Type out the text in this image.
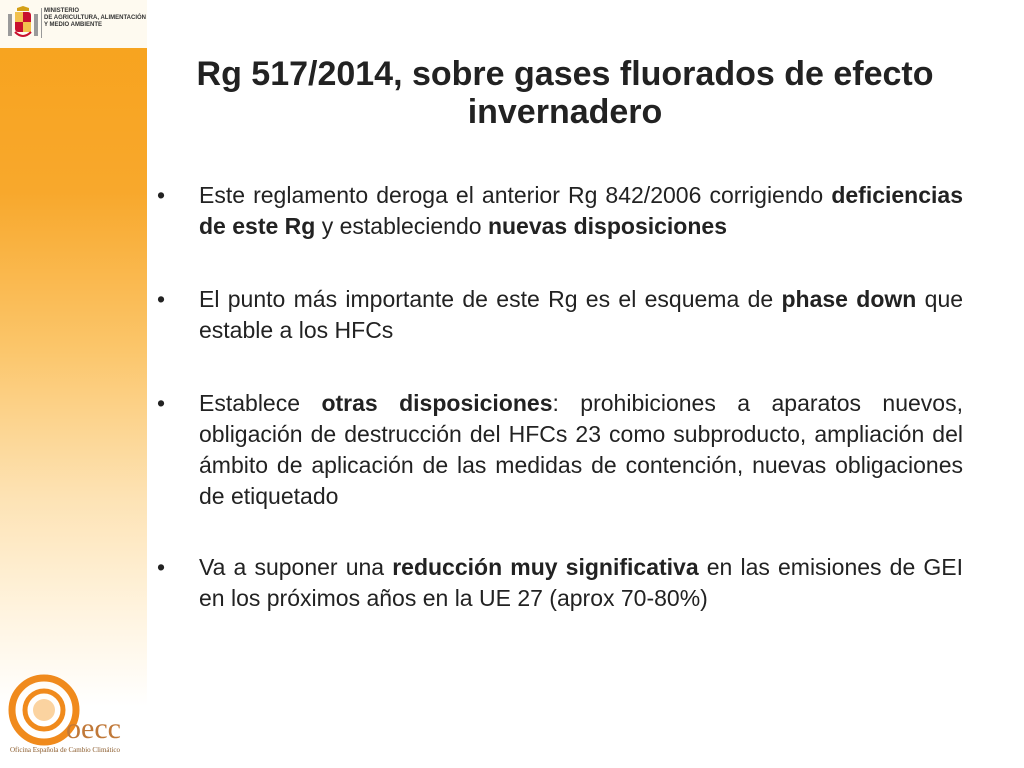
MINISTERIO
DE AGRICULTURA, ALIMENTACIÓN
Y MEDIO AMBIENTE
Rg 517/2014, sobre gases fluorados de efecto invernadero
• Este reglamento deroga el anterior Rg 842/2006 corrigiendo deficiencias de este Rg y estableciendo nuevas disposiciones
• El punto más importante de este Rg es el esquema de phase down que estable a los HFCs
• Establece otras disposiciones: prohibiciones a aparatos nuevos, obligación de destrucción del HFCs 23 como subproducto, ampliación del ámbito de aplicación de las medidas de contención, nuevas obligaciones de etiquetado
• Va a suponer una reducción muy significativa en las emisiones de GEI en los próximos años en la UE 27 (aprox 70-80%)
oecc
Oficina Española de Cambio Climático
